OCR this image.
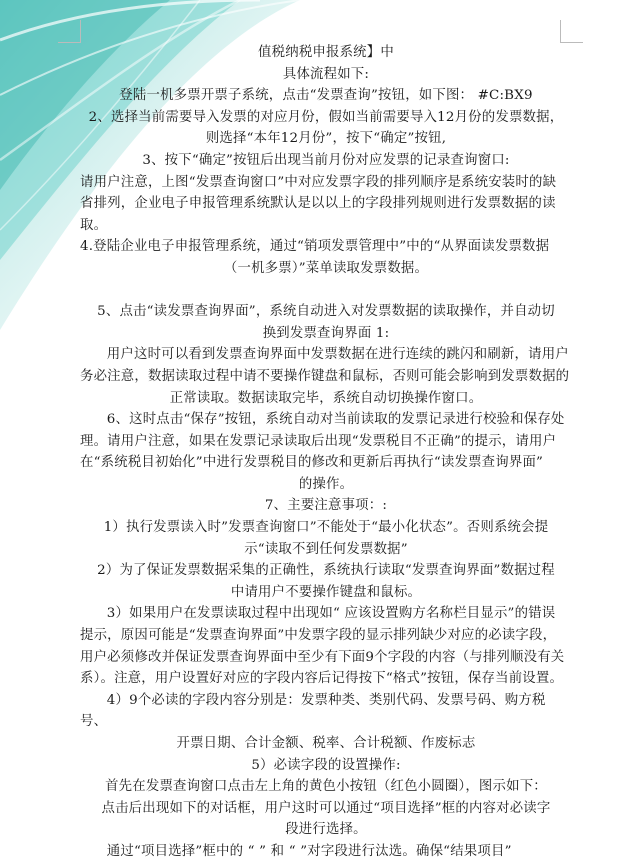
值税纳税申报系统】中

具体流程如下:

登陆一机多票开票子系统，点击“发票查询”按钮，如下图： #C:BX9

2、选择当前需要导入发票的对应月份，假如当前需要导入12月份的发票数据，

则选择“本年12月份”，按下“确定”按钮,

3、按下“确定”按钮后出现当前月份对应发票的记录查询窗口:

请用户注意，上图“发票查询窗口”中对应发票字段的排列顺序是系统安装时的缺

省排列，企业电子申报管理系统默认是以以上的字段排列规则进行发票数据的读取。

4.登陆企业电子申报管理系统，通过“销项发票管理中”中的“从界面读发票数据

（一机多票）”菜单读取发票数据。

5、点击“读发票查询界面”，系统自动进入对发票数据的读取操作，并自动切

换到发票查询界面 1:

用户这时可以看到发票查询界面中发票数据在进行连续的跳闪和刷新，请用户

务必注意，数据读取过程中请不要操作键盘和鼠标，否则可能会影响到发票数据的

正常读取。数据读取完毕，系统自动切换操作窗口。

6、这时点击“保存”按钮，系统自动对当前读取的发票记录进行校验和保存处

理。请用户注意，如果在发票记录读取后出现“发票税目不正确”的提示，请用户

在“系统税目初始化”中进行发票税目的修改和更新后再执行“读发票查询界面”

的操作。

7、主要注意事项：:

1）执行发票读入时”发票查询窗口”不能处于“最小化状态”。否则系统会提

示“读取不到任何发票数据”

2）为了保证发票数据采集的正确性，系统执行读取“发票查询界面”数据过程

中请用户不要操作键盘和鼠标。

3）如果用户在发票读取过程中出现如“ 应该设置购方名称栏目显示”的错误

提示，原因可能是“发票查询界面”中发票字段的显示排列缺少对应的必读字段，

用户必须修改并保证发票查询界面中至少有下面9个字段的内容（与排列顺没有关

系）。注意，用户设置好对应的字段内容后记得按下“格式”按钮，保存当前设置。

4）9个必读的字段内容分别是：发票种类、类别代码、发票号码、购方税号、

开票日期、合计金额、税率、合计税额、作废标志

5）必读字段的设置操作:

首先在发票查询窗口点击左上角的黄色小按钮（红色小圆圈），图示如下：

点击后出现如下的对话框，用户这时可以通过“项目选择”框的内容对必读字

段进行选择。

通过“项目选择”框中的 “ ” 和 “ ”对字段进行汰选。确保“结果项目”
